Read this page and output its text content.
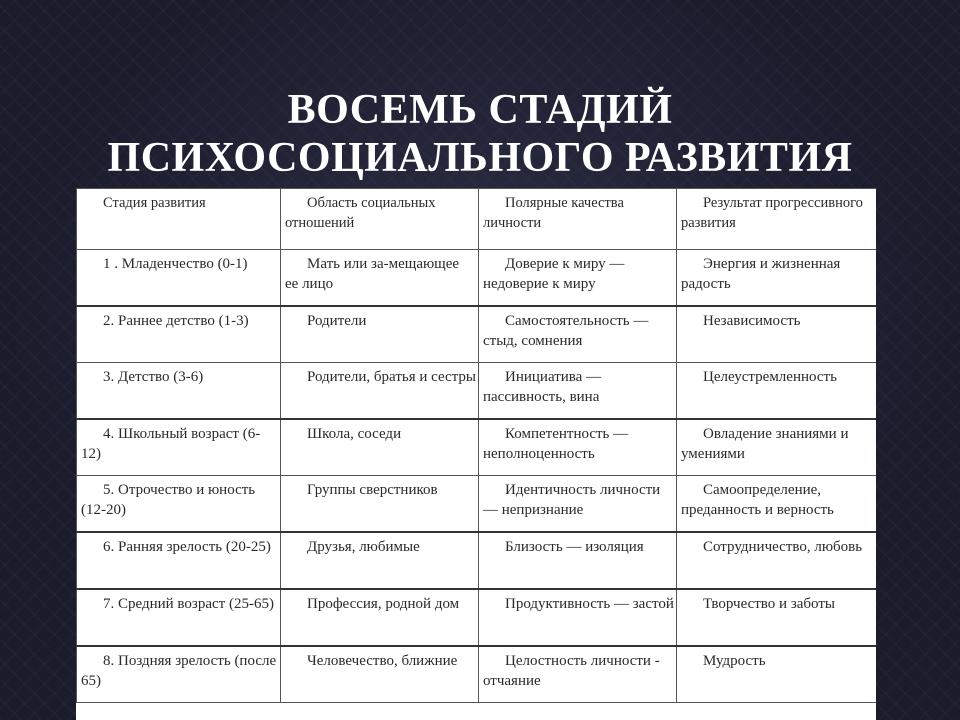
ВОСЕМЬ СТАДИЙ
ПСИХОСОЦИАЛЬНОГО РАЗВИТИЯ
Стадия развития	Область социальных отношений	Полярные качества личности	Результат прогрессивного развития

1 . Младенчество (0-1)	Мать или за-мещающее ее лицо	Доверие к миру — недоверие к миру	Энергия и жизненная радость

2. Раннее детство (1-3)	Родители	Самостоятельность — стыд, сомнения	Независимость

3. Детство (3-6)	Родители, братья и сестры	Инициатива — пассивность, вина	Целеустремленность

4. Школьный возраст (6-12)	Школа, соседи	Компетентность — неполноценность	Овладение знаниями и умениями

5. Отрочество и юность (12-20)	Группы сверстников	Идентичность личности — непризнание	Самоопределение, преданность и верность

6. Ранняя зрелость (20-25)	Друзья, любимые	Близость — изоляция	Сотрудничество, любовь

7. Средний возраст (25-65)	Профессия, родной дом	Продуктивность — застой	Творчество и заботы

8. Поздняя зрелость (после 65)	Человечество, ближние	Целостность личности - отчаяние	Мудрость
